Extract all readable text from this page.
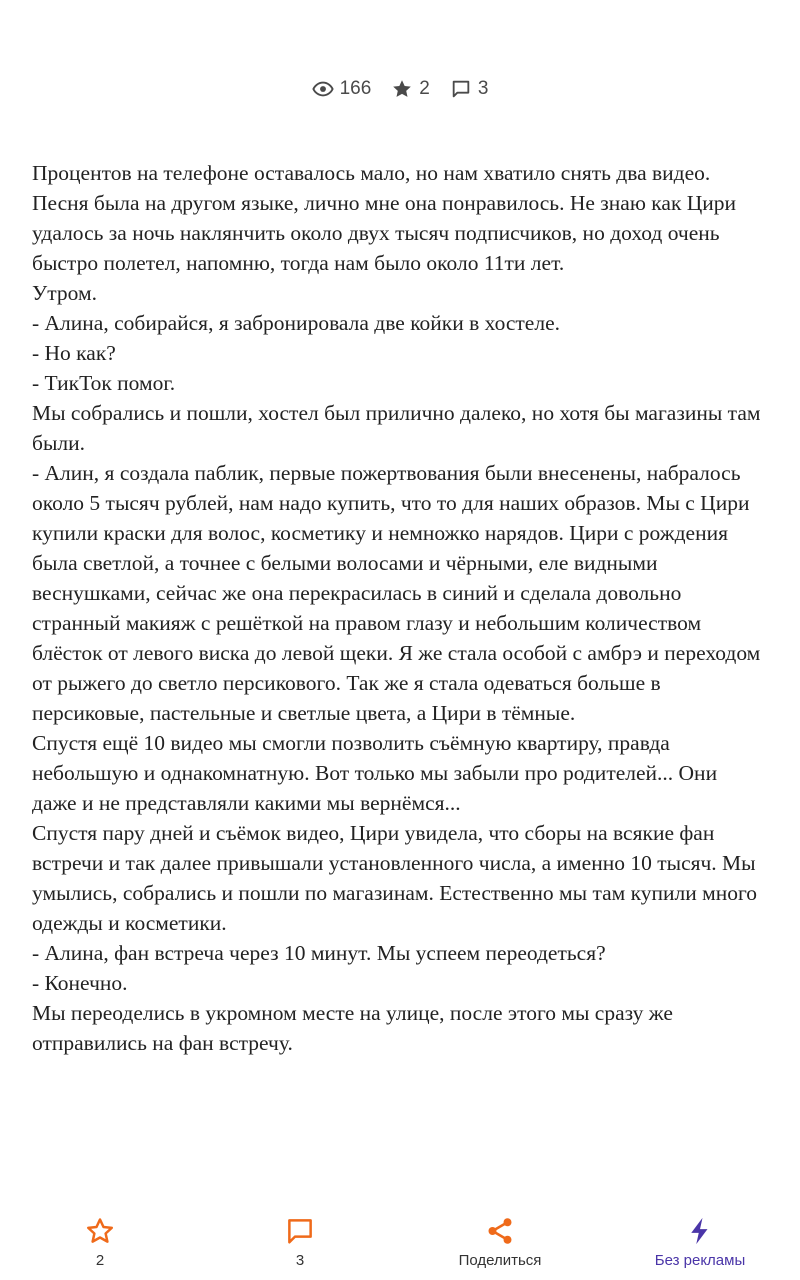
166	2	3
Процентов на телефоне оставалось мало, но нам хватило снять два видео.
Песня была на другом языке, лично мне она понравилось. Не знаю как Цири удалось за ночь наклянчить около двух тысяч подписчиков, но доход очень быстро полетел, напомню, тогда нам было около 11ти лет.
Утром.
- Алина, собирайся, я забронировала две койки в хостеле.
- Но как?
- ТикТок помог.
Мы собрались и пошли, хостел был прилично далеко, но хотя бы магазины там были.
- Алин, я создала паблик, первые пожертвования были внесенены, набралось около 5 тысяч рублей, нам надо купить, что то для наших образов. Мы с Цири купили краски для волос, косметику и немножко нарядов. Цири с рождения была светлой, а точнее с белыми волосами и чёрными, еле видными веснушками, сейчас же она перекрасилась в синий и сделала довольно странный макияж с решёткой на правом глазу и небольшим количеством блёсток от левого виска до левой щеки. Я же стала особой с амбрэ и переходом от рыжего до светло персикового. Так же я стала одеваться больше в персиковые, пастельные и светлые цвета, а Цири в тёмные.
Спустя ещё 10 видео мы смогли позволить съёмную квартиру, правда небольшую и однакомнатную. Вот только мы забыли про родителей... Они даже и не представляли какими мы вернёмся...
Спустя пару дней и съёмок видео, Цири увидела, что сборы на всякие фан встречи и так далее привышали установленного числа, а именно 10 тысяч. Мы умылись, собрались и пошли по магазинам. Естественно мы там купили много одежды и косметики.
- Алина, фан встреча через 10 минут. Мы успеем переодеться?
- Конечно.
Мы переоделись в укромном месте на улице, после этого мы сразу же отправились на фан встречу.
2	3	Поделиться	Без рекламы
